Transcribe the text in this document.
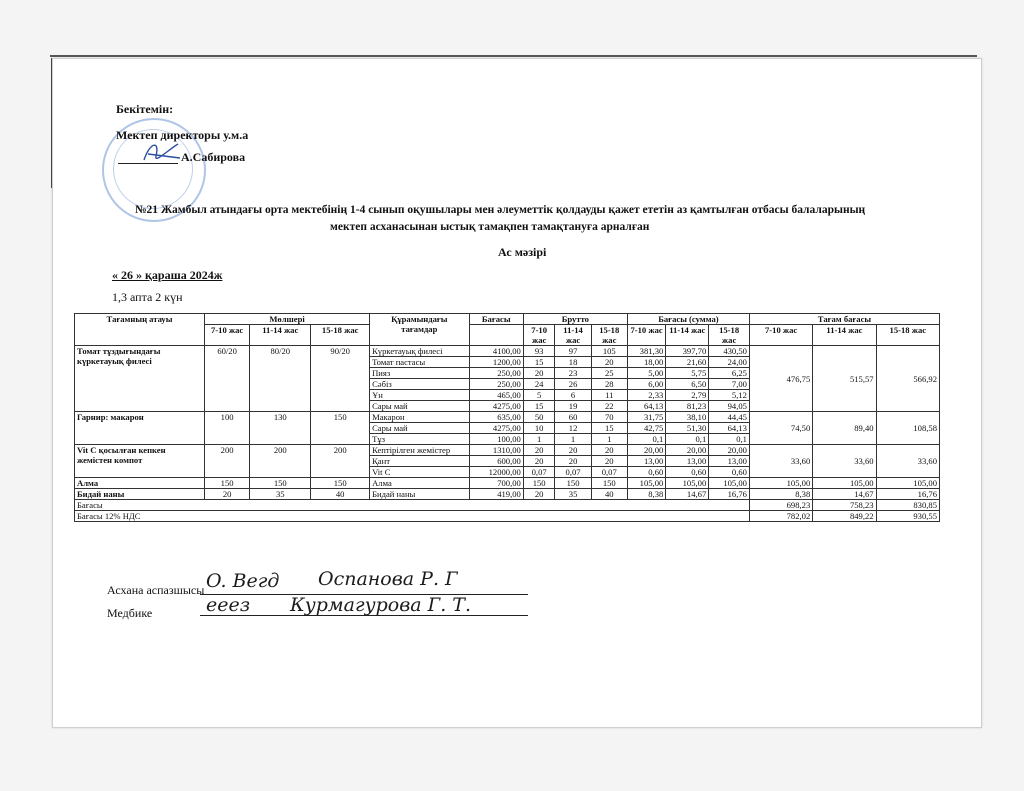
Бекітемін:
Мектеп директоры у.м.а
А.Сабирова
№21 Жамбыл атындағы орта мектебінің 1-4 сынып оқушылары мен әлеуметтік қолдауды қажет ететін аз қамтылған отбасы балаларының
мектеп асханасынан ыстық тамақпен тамақтануға арналған
Ас мәзірі
« 26 » қараша 2024ж
1,3 апта 2 күн
Тағамның атауы	Мөлшері			Құрамындағы тағамдар	Бағасы	Брутто			Бағасы (сумма)			Тағам бағасы		
	7-10 жас	11-14 жас	15-18 жас			7-10 жас	11-14 жас	15-18 жас	7-10 жас	11-14 жас	15-18 жас	7-10 жас	11-14 жас	15-18 жас
Томат тұздығындағы күркетауық филесі	60/20	80/20	90/20	Күркетауық филесі	4100,00	93	97	105	381,30	397,70	430,50	476,75	515,57	566,92
				Томат пастасы	1200,00	15	18	20	18,00	21,60	24,00			
				Пияз	250,00	20	23	25	5,00	5,75	6,25			
				Сәбіз	250,00	24	26	28	6,00	6,50	7,00			
				Ұн	465,00	5	6	11	2,33	2,79	5,12			
				Сары май	4275,00	15	19	22	64,13	81,23	94,05			
Гарнир: макарон	100	130	150	Макарон	635,00	50	60	70	31,75	38,10	44,45	74,50	89,40	108,58
				Сары май	4275,00	10	12	15	42,75	51,30	64,13			
				Тұз	100,00	1	1	1	0,1	0,1	0,1			
Vit C қосылған кепкен жемістен компот	200	200	200	Кептірілген жемістер	1310,00	20	20	20	20,00	20,00	20,00	33,60	33,60	33,60
				Қант	600,00	20	20	20	13,00	13,00	13,00			
				Vit C	12000,00	0,07	0,07	0,07	0,60	0,60	0,60			
Алма	150	150	150	Алма	700,00	150	150	150	105,00	105,00	105,00	105,00	105,00	105,00
Бидай наны	20	35	40	Бидай наны	419,00	20	35	40	8,38	14,67	16,76	8,38	14,67	16,76
Бағасы												698,23	758,23	830,85
Бағасы 12% НДС												782,02	849,22	930,55
Асхана аспазшысы O. Вегд Оспанова Р. Г
Медбике	ееез Курмагурова Г. Т.
